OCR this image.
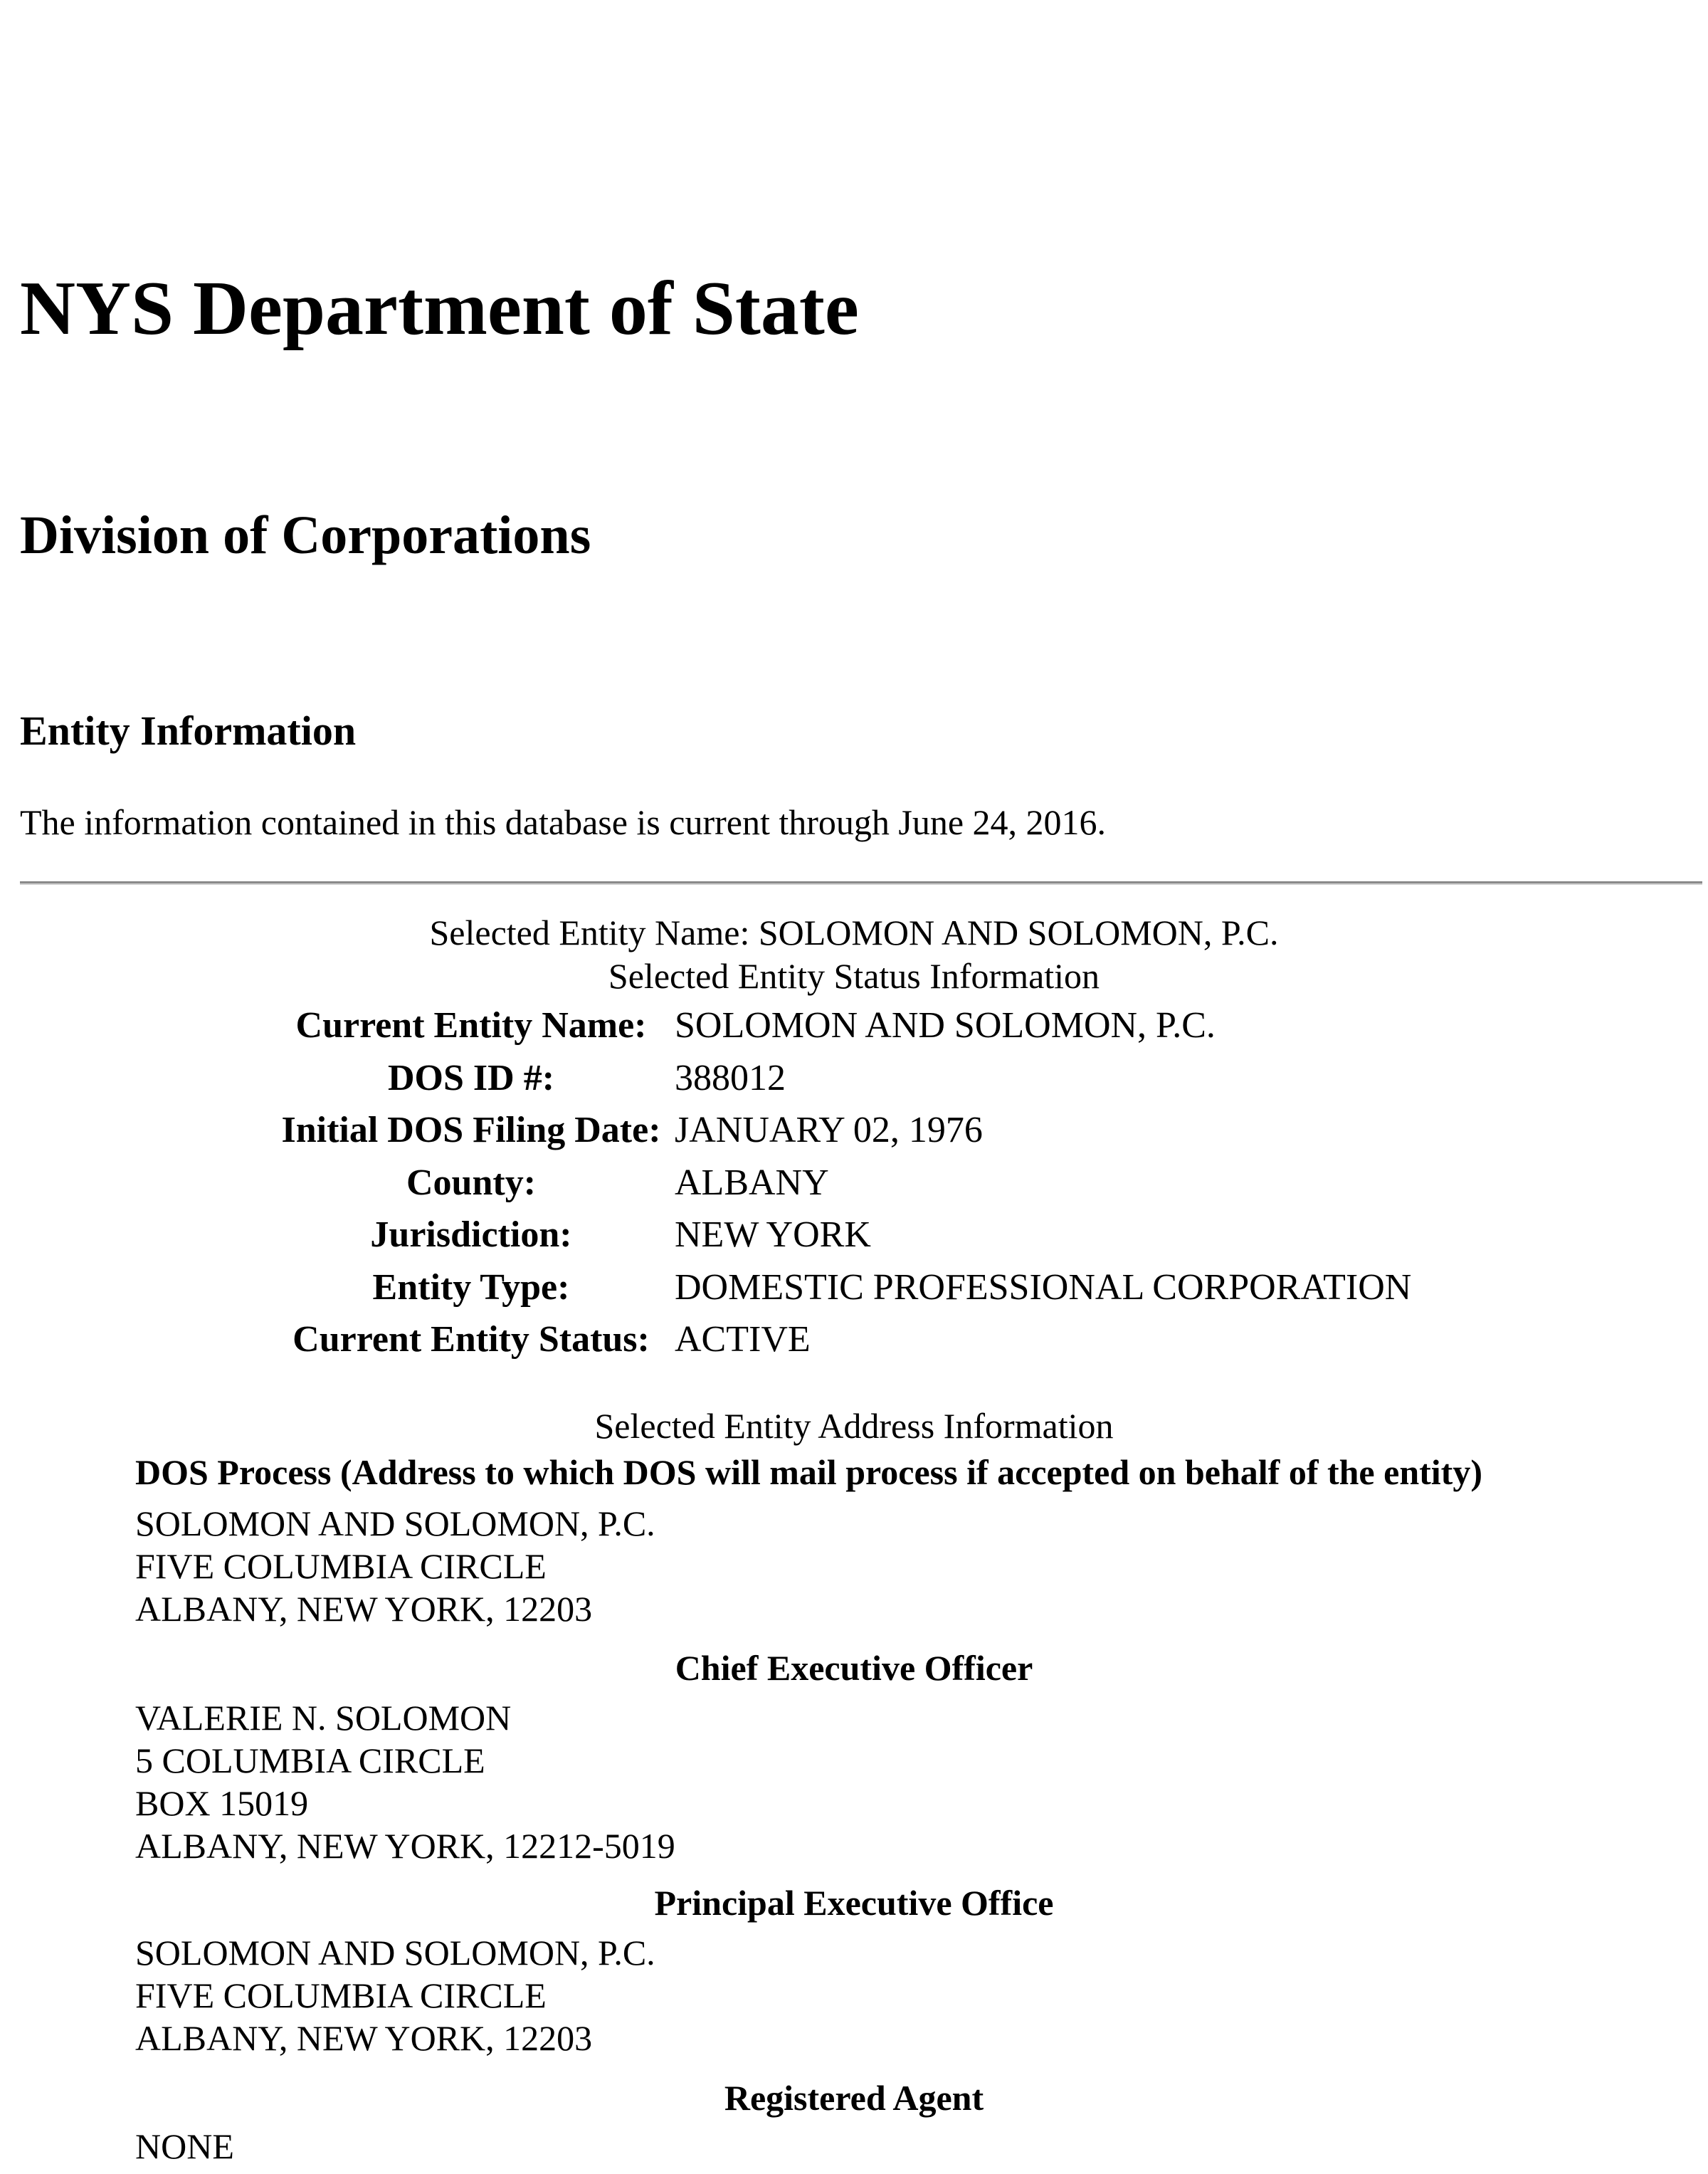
NYS Department of State
Division of Corporations
Entity Information
The information contained in this database is current through June 24, 2016.
Selected Entity Name: SOLOMON AND SOLOMON, P.C.
Selected Entity Status Information
Current Entity Name:	SOLOMON AND SOLOMON, P.C.
DOS ID #:	388012
Initial DOS Filing Date:	JANUARY 02, 1976
County:	ALBANY
Jurisdiction:	NEW YORK
Entity Type:	DOMESTIC PROFESSIONAL CORPORATION
Current Entity Status:	ACTIVE
Selected Entity Address Information
DOS Process (Address to which DOS will mail process if accepted on behalf of the entity)
SOLOMON AND SOLOMON, P.C.
FIVE COLUMBIA CIRCLE
ALBANY, NEW YORK, 12203
Chief Executive Officer
VALERIE N. SOLOMON
5 COLUMBIA CIRCLE
BOX 15019
ALBANY, NEW YORK, 12212-5019
Principal Executive Office
SOLOMON AND SOLOMON, P.C.
FIVE COLUMBIA CIRCLE
ALBANY, NEW YORK, 12203
Registered Agent
NONE
